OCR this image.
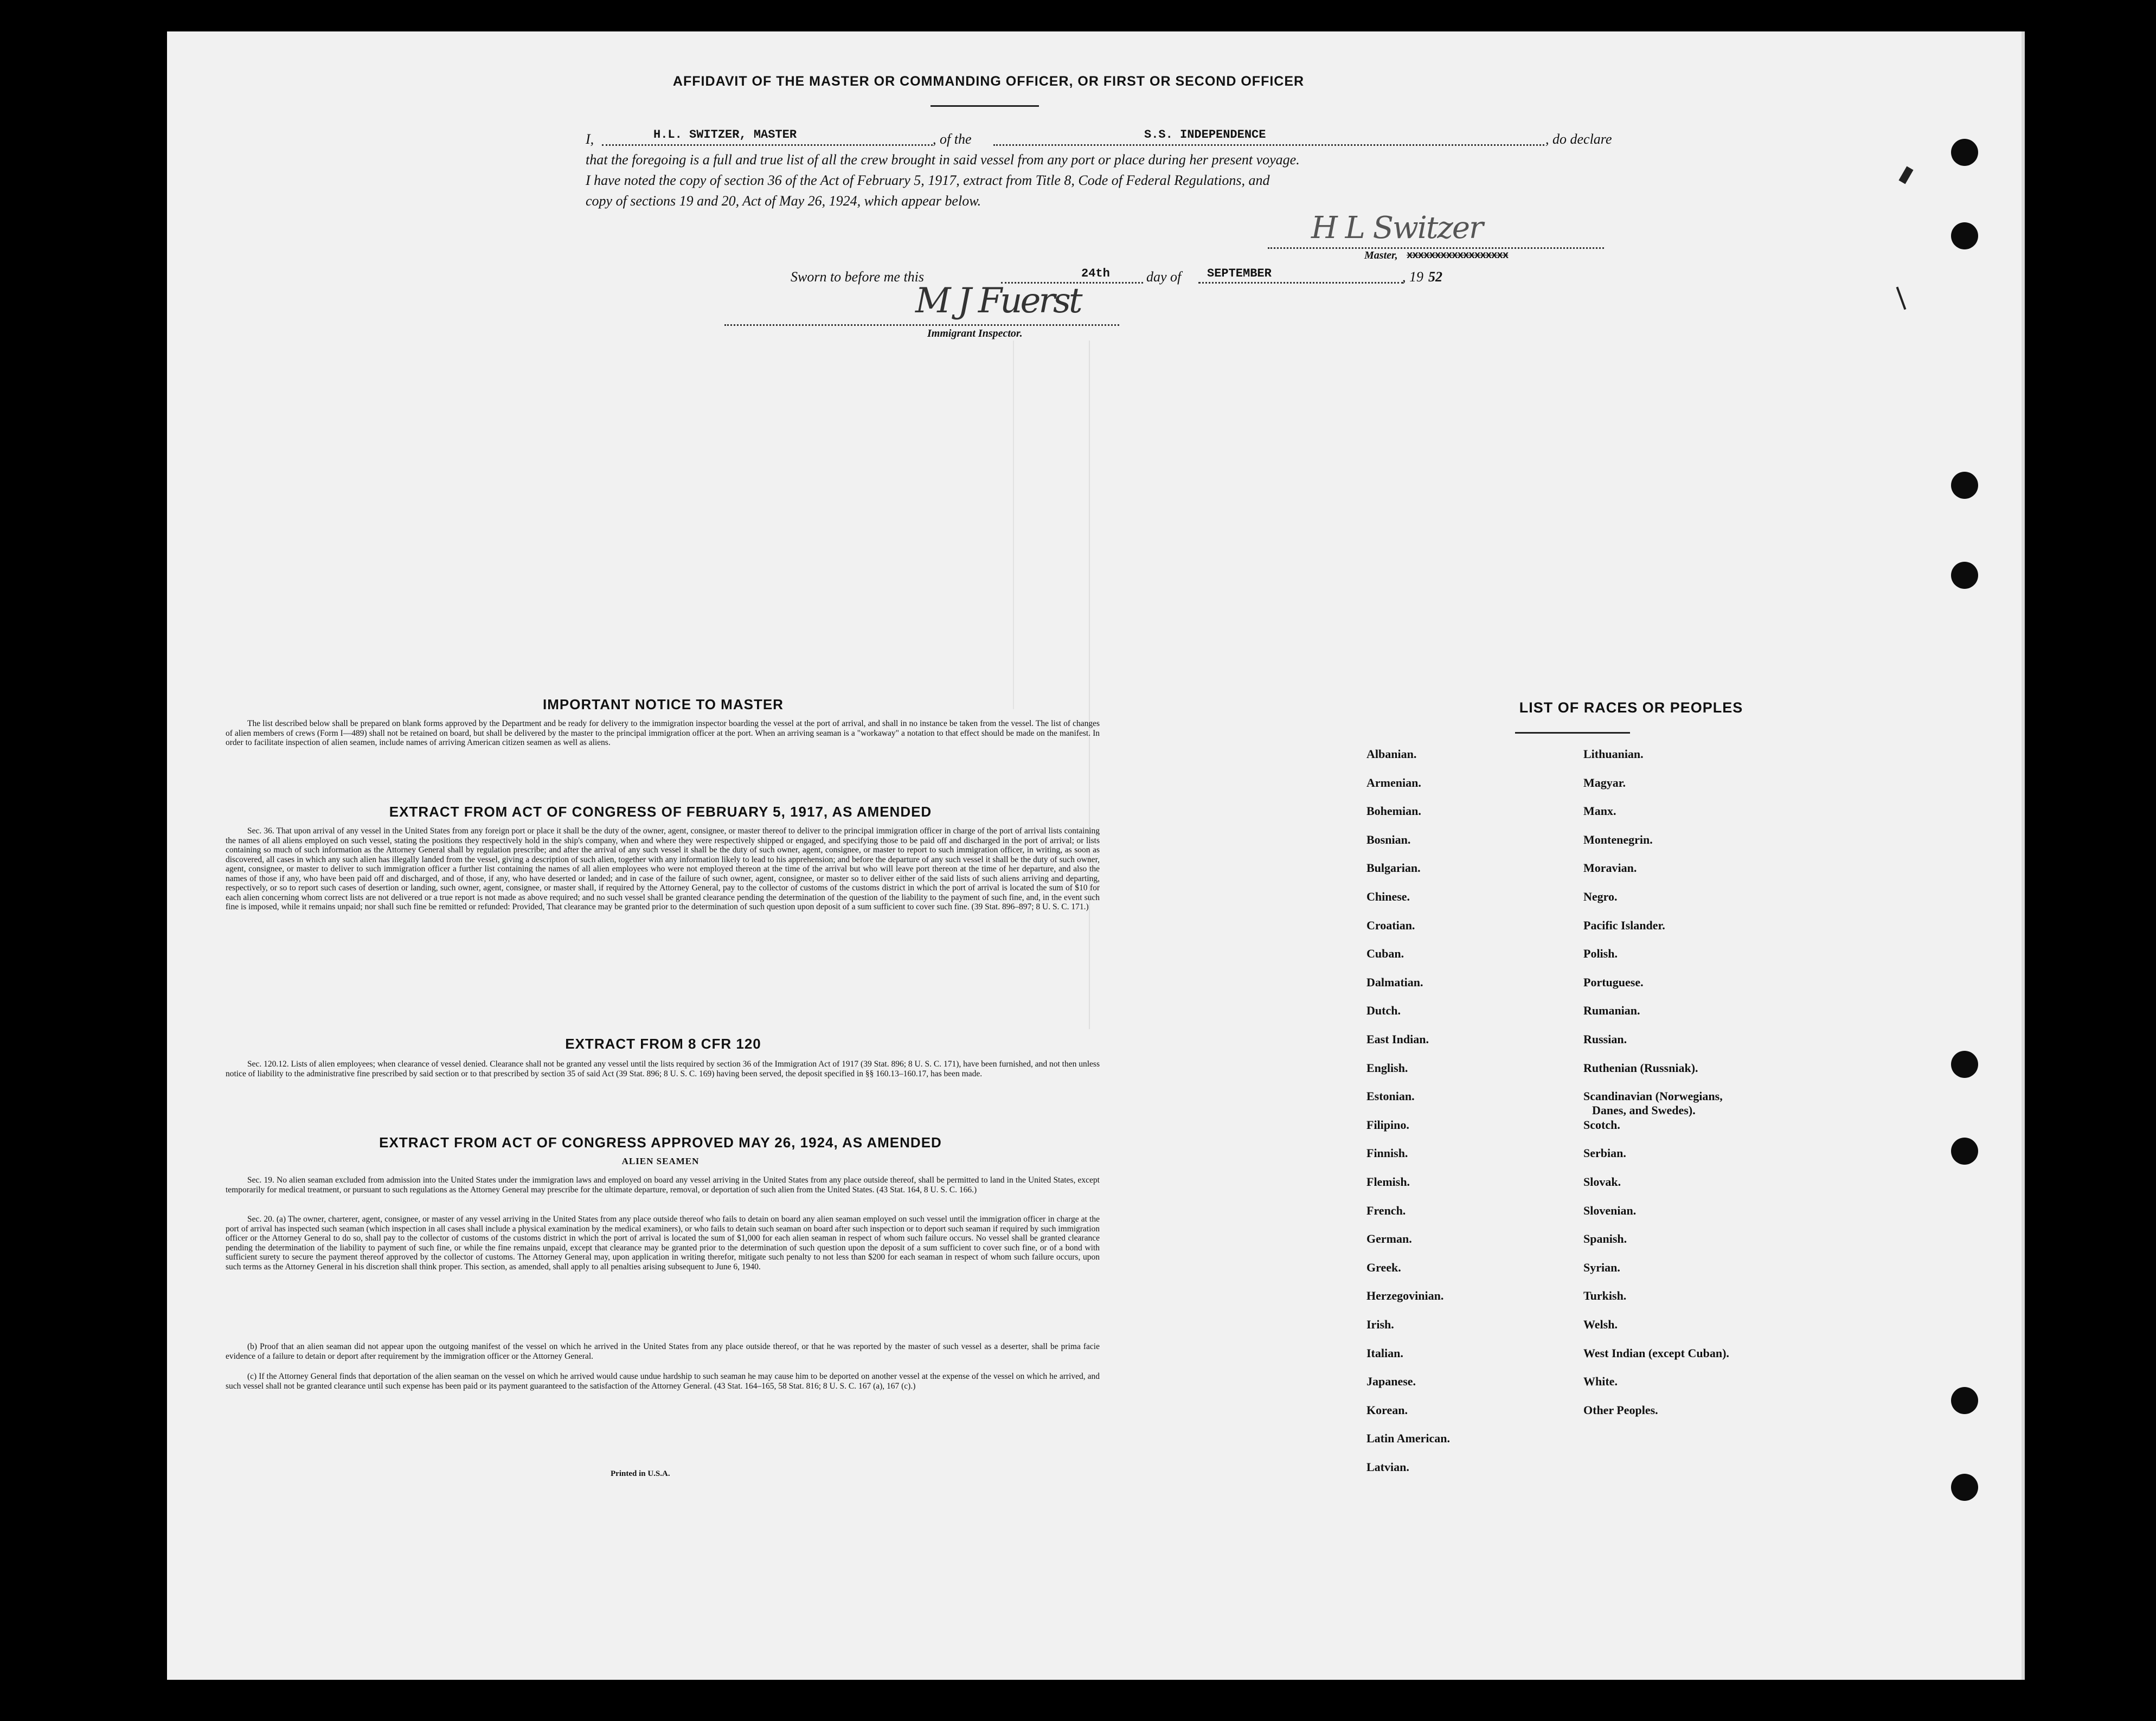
AFFIDAVIT OF THE MASTER OR COMMANDING OFFICER, OR FIRST OR SECOND OFFICER
I,	H.L. SWITZER, MASTER	, of the	S.S. INDEPENDENCE	, do declare
that the foregoing is a full and true list of all the crew brought in said vessel from any port or place during her present voyage.
I have noted the copy of section 36 of the Act of February 5, 1917, extract from Title 8, Code of Federal Regulations, and
copy of sections 19 and 20, Act of May 26, 1924, which appear below.
H L Switzer
Master, xxxxxxxxxxxxxxxxxx
Sworn to before me this	24th	day of SEPTEMBER	, 19 52
M J Fuerst
Immigrant Inspector.
IMPORTANT NOTICE TO MASTER

The list described below shall be prepared on blank forms approved by the Department and be ready for delivery to the immigration inspector boarding the vessel at the port of arrival, and shall in no instance be taken from the vessel. The list of changes of alien members of crews (Form I—489) shall not be retained on board, but shall be delivered by the master to the principal immigration officer at the port. When an arriving seaman is a "workaway" a notation to that effect should be made on the manifest. In order to facilitate inspection of alien seamen, include names of arriving American citizen seamen as well as aliens.

EXTRACT FROM ACT OF CONGRESS OF FEBRUARY 5, 1917, AS AMENDED

Sec. 36. That upon arrival of any vessel in the United States from any foreign port or place it shall be the duty of the owner, agent, consignee, or master thereof to deliver to the principal immigration officer in charge of the port of arrival lists containing the names of all aliens employed on such vessel, stating the positions they respectively hold in the ship's company, when and where they were respectively shipped or engaged, and specifying those to be paid off and discharged in the port of arrival; or lists containing so much of such information as the Attorney General shall by regulation prescribe; and after the arrival of any such vessel it shall be the duty of such owner, agent, consignee, or master to report to such immigration officer, in writing, as soon as discovered, all cases in which any such alien has illegally landed from the vessel, giving a description of such alien, together with any information likely to lead to his apprehension; and before the departure of any such vessel it shall be the duty of such owner, agent, consignee, or master to deliver to such immigration officer a further list containing the names of all alien employees who were not employed thereon at the time of the arrival but who will leave port thereon at the time of her departure, and also the names of those if any, who have been paid off and discharged, and of those, if any, who have deserted or landed; and in case of the failure of such owner, agent, consignee, or master so to deliver either of the said lists of such aliens arriving and departing, respectively, or so to report such cases of desertion or landing, such owner, agent, consignee, or master shall, if required by the Attorney General, pay to the collector of customs of the customs district in which the port of arrival is located the sum of $10 for each alien concerning whom correct lists are not delivered or a true report is not made as above required; and no such vessel shall be granted clearance pending the determination of the question of the liability to the payment of such fine, and, in the event such fine is imposed, while it remains unpaid; nor shall such fine be remitted or refunded: Provided, That clearance may be granted prior to the determination of such question upon deposit of a sum sufficient to cover such fine. (39 Stat. 896–897; 8 U. S. C. 171.)

EXTRACT FROM 8 CFR 120

Sec. 120.12. Lists of alien employees; when clearance of vessel denied. Clearance shall not be granted any vessel until the lists required by section 36 of the Immigration Act of 1917 (39 Stat. 896; 8 U. S. C. 171), have been furnished, and not then unless notice of liability to the administrative fine prescribed by said section or to that prescribed by section 35 of said Act (39 Stat. 896; 8 U. S. C. 169) having been served, the deposit specified in §§ 160.13–160.17, has been made.

EXTRACT FROM ACT OF CONGRESS APPROVED MAY 26, 1924, AS AMENDED
ALIEN SEAMEN

Sec. 19. No alien seaman excluded from admission into the United States under the immigration laws and employed on board any vessel arriving in the United States from any place outside thereof, shall be permitted to land in the United States, except temporarily for medical treatment, or pursuant to such regulations as the Attorney General may prescribe for the ultimate departure, removal, or deportation of such alien from the United States. (43 Stat. 164, 8 U. S. C. 166.)

Sec. 20. (a) The owner, charterer, agent, consignee, or master of any vessel arriving in the United States from any place outside thereof who fails to detain on board any alien seaman employed on such vessel until the immigration officer in charge at the port of arrival has inspected such seaman (which inspection in all cases shall include a physical examination by the medical examiners), or who fails to detain such seaman on board after such inspection or to deport such seaman if required by such immigration officer or the Attorney General to do so, shall pay to the collector of customs of the customs district in which the port of arrival is located the sum of $1,000 for each alien seaman in respect of whom such failure occurs. No vessel shall be granted clearance pending the determination of the liability to payment of such fine, or while the fine remains unpaid, except that clearance may be granted prior to the determination of such question upon the deposit of a sum sufficient to cover such fine, or of a bond with sufficient surety to secure the payment thereof approved by the collector of customs. The Attorney General may, upon application in writing therefor, mitigate such penalty to not less than $200 for each seaman in respect of whom such failure occurs, upon such terms as the Attorney General in his discretion shall think proper. This section, as amended, shall apply to all penalties arising subsequent to June 6, 1940.

(b) Proof that an alien seaman did not appear upon the outgoing manifest of the vessel on which he arrived in the United States from any place outside thereof, or that he was reported by the master of such vessel as a deserter, shall be prima facie evidence of a failure to detain or deport after requirement by the immigration officer or the Attorney General.

(c) If the Attorney General finds that deportation of the alien seaman on the vessel on which he arrived would cause undue hardship to such seaman he may cause him to be deported on another vessel at the expense of the vessel on which he arrived, and such vessel shall not be granted clearance until such expense has been paid or its payment guaranteed to the satisfaction of the Attorney General. (43 Stat. 164–165, 58 Stat. 816; 8 U. S. C. 167 (a), 167 (c).)

Printed in U.S.A.
LIST OF RACES OR PEOPLES
Albanian.
Armenian.
Bohemian.
Bosnian.
Bulgarian.
Chinese.
Croatian.
Cuban.
Dalmatian.
Dutch.
East Indian.
English.
Estonian.
Filipino.
Finnish.
Flemish.
French.
German.
Greek.
Herzegovinian.
Irish.
Italian.
Japanese.
Korean.
Latin American.
Latvian.
Lithuanian.
Magyar.
Manx.
Montenegrin.
Moravian.
Negro.
Pacific Islander.
Polish.
Portuguese.
Rumanian.
Russian.
Ruthenian (Russniak).
Scandinavian (Norwegians,
Danes, and Swedes).
Scotch.
Serbian.
Slovak.
Slovenian.
Spanish.
Syrian.
Turkish.
Welsh.
West Indian (except Cuban).
White.
Other Peoples.
